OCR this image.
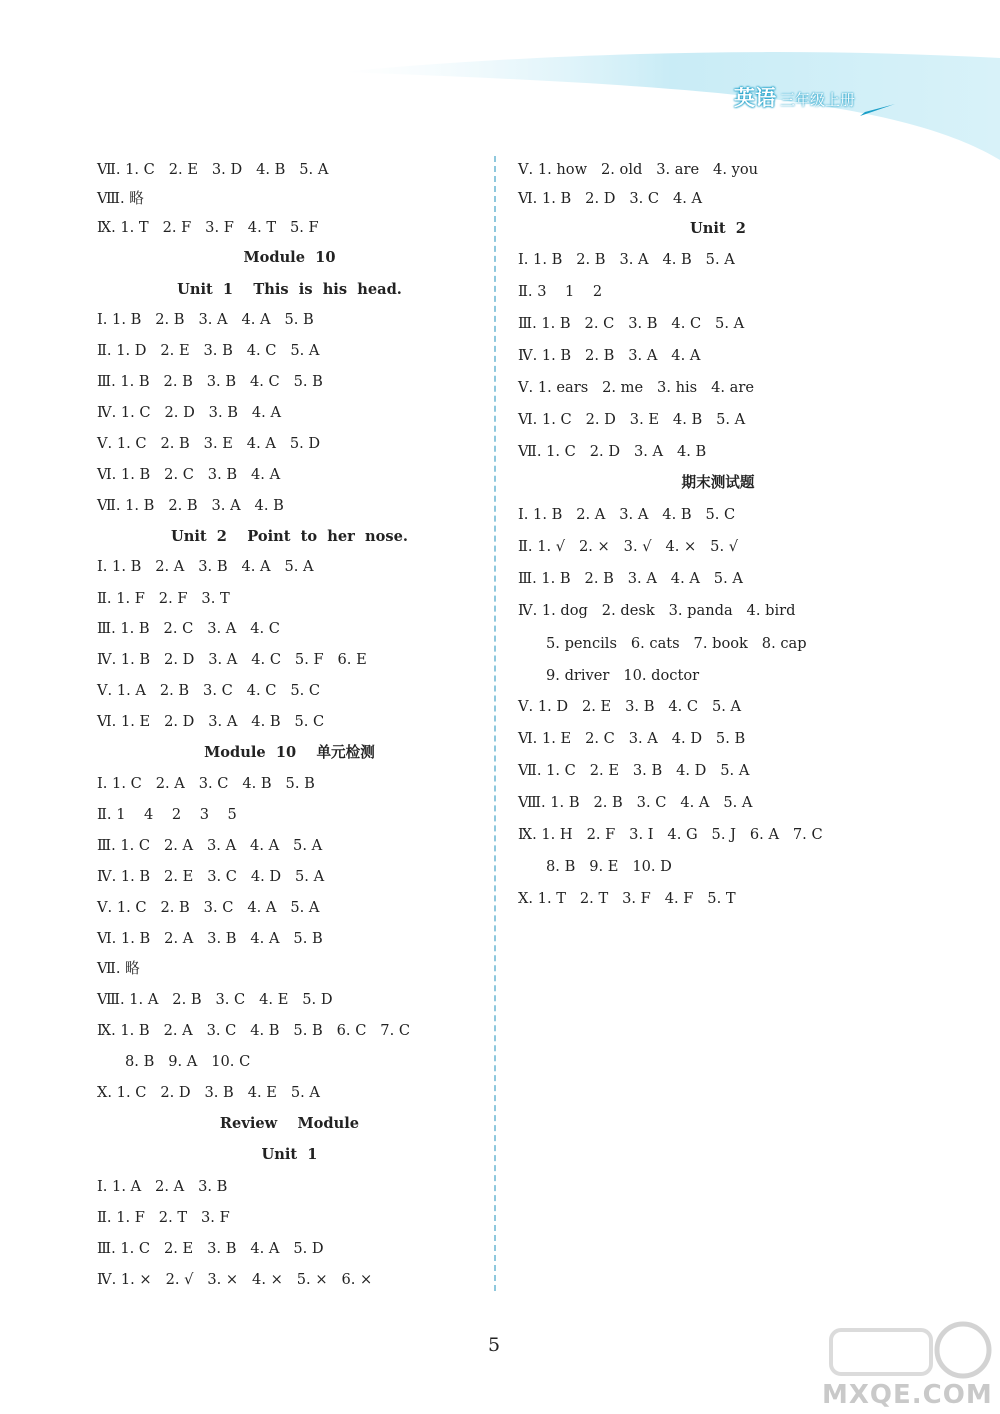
英语 三年级上册
Ⅶ. 1. C   2. E   3. D   4. B   5. A
Ⅷ. 略
Ⅸ. 1. T   2. F   3. F   4. T   5. F
Module  10
Unit  1    This  is  his  head.
Ⅰ. 1. B   2. B   3. A   4. A   5. B
Ⅱ. 1. D   2. E   3. B   4. C   5. A
Ⅲ. 1. B   2. B   3. B   4. C   5. B
Ⅳ. 1. C   2. D   3. B   4. A
Ⅴ. 1. C   2. B   3. E   4. A   5. D
Ⅵ. 1. B   2. C   3. B   4. A
Ⅶ. 1. B   2. B   3. A   4. B
Unit  2    Point  to  her  nose.
Ⅰ. 1. B   2. A   3. B   4. A   5. A
Ⅱ. 1. F   2. F   3. T
Ⅲ. 1. B   2. C   3. A   4. C
Ⅳ. 1. B   2. D   3. A   4. C   5. F   6. E
Ⅴ. 1. A   2. B   3. C   4. C   5. C
Ⅵ. 1. E   2. D   3. A   4. B   5. C
Module  10    单元检测
Ⅰ. 1. C   2. A   3. C   4. B   5. B
Ⅱ. 1    4    2    3    5
Ⅲ. 1. C   2. A   3. A   4. A   5. A
Ⅳ. 1. B   2. E   3. C   4. D   5. A
Ⅴ. 1. C   2. B   3. C   4. A   5. A
Ⅵ. 1. B   2. A   3. B   4. A   5. B
Ⅶ. 略
Ⅷ. 1. A   2. B   3. C   4. E   5. D
Ⅸ. 1. B   2. A   3. C   4. B   5. B   6. C   7. C
8. B   9. A   10. C
Ⅹ. 1. C   2. D   3. B   4. E   5. A
Review    Module
Unit  1
Ⅰ. 1. A   2. A   3. B
Ⅱ. 1. F   2. T   3. F
Ⅲ. 1. C   2. E   3. B   4. A   5. D
Ⅳ. 1. ×   2. √   3. ×   4. ×   5. ×   6. ×
Ⅴ. 1. how   2. old   3. are   4. you
Ⅵ. 1. B   2. D   3. C   4. A
Unit  2
Ⅰ. 1. B   2. B   3. A   4. B   5. A
Ⅱ. 3    1    2
Ⅲ. 1. B   2. C   3. B   4. C   5. A
Ⅳ. 1. B   2. B   3. A   4. A
Ⅴ. 1. ears   2. me   3. his   4. are
Ⅵ. 1. C   2. D   3. E   4. B   5. A
Ⅶ. 1. C   2. D   3. A   4. B
期末测试题
Ⅰ. 1. B   2. A   3. A   4. B   5. C
Ⅱ. 1. √   2. ×   3. √   4. ×   5. √
Ⅲ. 1. B   2. B   3. A   4. A   5. A
Ⅳ. 1. dog   2. desk   3. panda   4. bird
5. pencils   6. cats   7. book   8. cap
9. driver   10. doctor
Ⅴ. 1. D   2. E   3. B   4. C   5. A
Ⅵ. 1. E   2. C   3. A   4. D   5. B
Ⅶ. 1. C   2. E   3. B   4. D   5. A
Ⅷ. 1. B   2. B   3. C   4. A   5. A
Ⅸ. 1. H   2. F   3. I   4. G   5. J   6. A   7. C
8. B   9. E   10. D
Ⅹ. 1. T   2. T   3. F   4. F   5. T
5
MXQE.COM
